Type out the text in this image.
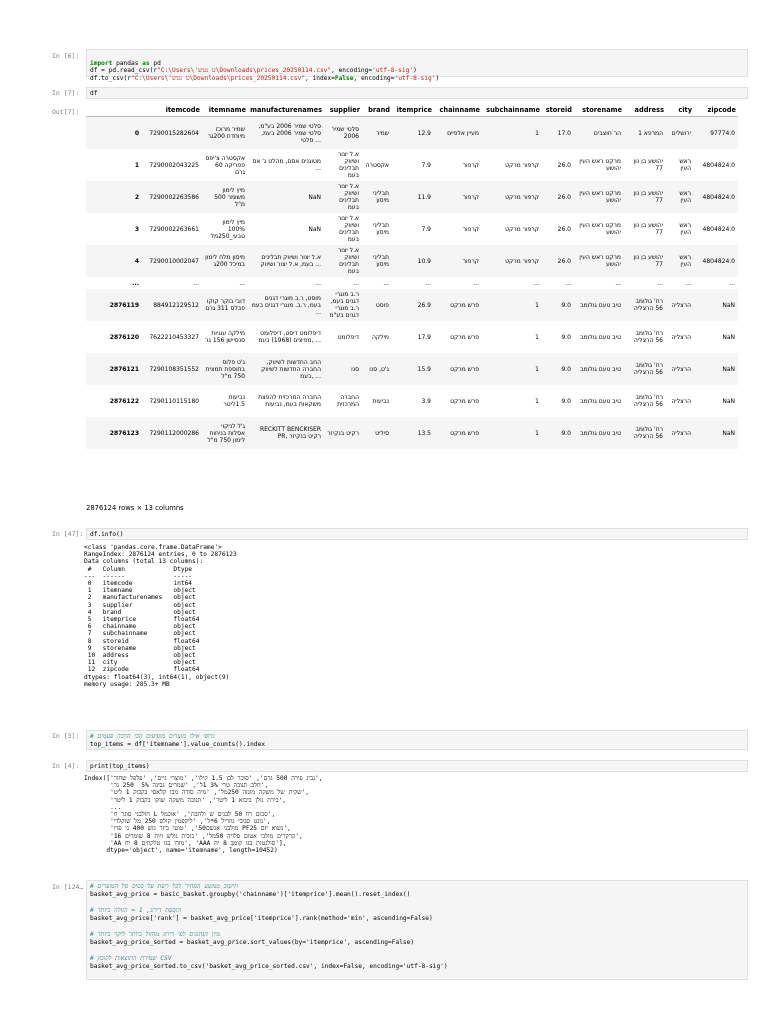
In [6]:

import pandas as pd
df = pd.read_csv(r"C:\Users\'ט נטש\Downloads\prices_20250114.csv", encoding='utf-8-sig')
df.to_csv(r"C:\Users\'ט נטש\Downloads\prices_20250114.csv", index=False, encoding='utf-8-sig')
In [7]:	df
Out[7]:
		itemcode	itemname	manufacturenames	supplier	brand	itemprice	chainname	subchainname	storeid	storename	address	city	zipcode
0	7290015282604	שמיר מרוכז מיוחדת 200גר	סלטי שמיר 2006 בע"מ, סלטי שמיר 2006 בעמ, סלטי ...	סלטי שמיר 2006	שמיר	12.9	מעיין אלפיים	1	17.0	הר חוצבים	המרפא 1	ירושלים	97774.0
1	7290002043225	אקסטרה צ'יפס פפריקה 60 גרם	מטוגנים אסם, מהלט ג' אס ...	א.ל יצור ושיווק תבלינים בעמ	אקסטרה	7.9	קרפור	קרפור מרקט	26.0	מרקט ראש העין יהושע	יהושע בן נון 77	ראש העין	4804824.0
2	7290002263586	מיץ לימון משומר 500 מ"ל	NaN	א.ל יצור ושיווק תבלינים בעמ	תבליני מיסון	11.9	קרפור	קרפור מרקט	26.0	מרקט ראש העין יהושע	יהושע בן נון 77	ראש העין	4804824.0
3	7290002263661	מיץ לימון 100% טבעי_250מל	NaN	א.ל יצור ושיווק תבלינים בעמ	תבליני מיסון	7.9	קרפור	קרפור מרקט	26.0	מרקט ראש העין יהושע	יהושע בן נון 77	ראש העין	4804824.0
4	7290010002047	מיסון מלח לימון במיכל 200ג	א.ל יצור ושיווק תבלינים בעמ, א.ל יצור ושיווק ...	א.ל יצור ושיווק תבלינים בעמ	תבליני מיסון	10.9	קרפור	קרפור מרקט	26.0	מרקט ראש העין יהושע	יהושע בן נון 77	ראש העין	4804824.0
...	...	...	...	...	...	...	...	...	...	...	...	...	...
2876119	884912129512	דובי בוקר קוקו פבלס 311 גרם	מוסט, ר.ב מוגרי דגנים בעמ, ר.ב. מוגרי דגנים בעמ ...	ר.ב מוגרי דגנים בעמ, ר.ב מוגרי דגנים בע"מ	פוסט	26.9	פרש מרקט	1	9.0	טיב טעם גולומב	רח' גולומב 56 הרצליה	הרצליה	NaN
2876120	7622210453327	מילקה עוגיות סנסיישן 156 גר	דיפלומט דיסט, דיפלומט מפיצים (1968) בעמ, ...	דיפלומט	מילקה	17.9	פרש מרקט	1	9.0	טיב טעם גולומב	רח' גולומב 56 הרצליה	הרצליה	NaN
2876121	7290108351552	ג'ט פלוס בתוספת תמצית 750 מ"ל	החב החדשות לשיווק, החברה החדשות לשיווק בעמ, ...	סנו	ג'ט, סנו	15.9	פרש מרקט	1	9.0	טיב טעם גולומב	רח' גולומב 56 הרצליה	הרצליה	NaN
2876122	7290110115180	נביעות 1.5ליטר	החברה המרכזית להפצת משקאות בעמ, נביעות	החברה המרכזית	נביעות	3.9	פרש מרקט	1	9.0	טיב טעם גולומב	רח' גולומב 56 הרצליה	הרצליה	NaN
2876123	7290112000286	ג'ל לניקוי אסלות בניחוח לימון 750 מ"ל	RECKITT BENCKISER PR, רקיט בנקיזר	רקיט בנקיזר	סיליט	13.5	פרש מרקט	1	9.0	טיב טעם גולומב	רח' גולומב 56 הרצליה	הרצליה	NaN
2876124 rows × 13 columns
In [47]:	df.info()
<class 'pandas.core.frame.DataFrame'>
RangeIndex: 2876124 entries, 0 to 2876123
Data columns (total 13 columns):
#   Column             Dtype
---  ------             -----
0   itemcode           int64
1   itemname           object
2   manufacturenames   object
3   supplier           object
4   brand              object
5   itemprice          float64
6   chainname          object
7   subchainname       object
8   storeid            float64
9   storename          object
10  address            object
11  city               object
12  zipcode            float64
dtypes: float64(3), int64(1), object(9)
memory usage: 285.3+ MB
In [3]:	# גרופ׳ אילו מוצרים מופיעים הכי הרבה פעמים
top_items = df['itemname'].value_counts().index
In [4]:	print(top_items)
Index(['גבינ פירה 500 גרם', 'סוכר לבן 1.5 קילו', 'מוצרי גיים', 'פלפל שחור',
'חלב תנובה טרי 3% 1ל', 'שמרים גבינה 5%  250 גר',
'שקית של משקה מוגזה 250מל', 'מיה סודה מבו קלאסי בקבוק 1 ליט',
'בירת גולן ביבוא 1 ליטר', 'תנובה משקה שוקו בקבוק 1 ליטר',
...
'חולבני סוגר ח L סכום רוו 50 לבנים ש ולחבת', 'אוכמל',
'נוגט סגיבי גוזריל 6*ל', 'ליקפמין קולס 250 מל שוקלדי',
'מולבני אגשם50', 'טוגני ביזר מש 400 ני פרו PF25 נשוא יזם',
'קרקרים מולבי אטום סלויה 50מל', 'כובית גולש זיות 8 שומרים 16',
'AA מזרו בגו טלקוזים 8 יח', 'AAA סולנטות בגו קומב 8 יח'],
dtype='object', name='itemname', length=10452)
In [124…	# חישוב ממוצע המחיר לכל רשת על בסיס סל המוצרים
basket_avg_price = basic_basket.groupby('chainname')['itemprice'].mean().reset_index()

# הוספת דירוג, 1 = הזולה ביותר
basket_avg_price['rank'] = basket_avg_price['itemprice'].rank(method='min', ascending=False)

# מיון הנתונים לפי דירוג מהזול ביותר ליקר ביותר
basket_avg_price_sorted = basket_avg_price.sort_values(by='itemprice', ascending=False)

# שמירת התוצאות לקובץ CSV
basket_avg_price_sorted.to_csv('basket_avg_price_sorted.csv', index=False, encoding='utf-8-sig')
